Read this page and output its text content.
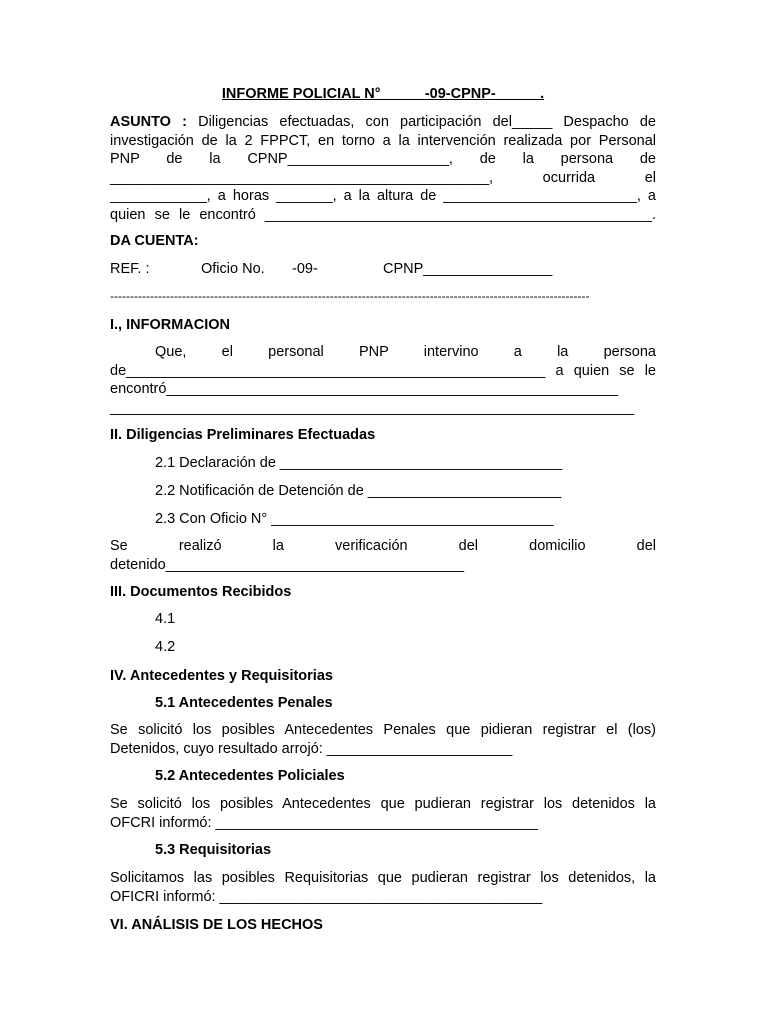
INFORME POLICIAL N°	-09-CPNP-	.

ASUNTO : Diligencias efectuadas, con participación del_____ Despacho de

investigación de la 2 FPPCT, en torno a la intervención realizada por Personal

PNP de la CPNP____________________, de la persona de

_______________________________________________, ocurrida el

____________, a horas _______, a la altura de ________________________, a

quien se le encontró ________________________________________________.

DA CUENTA:
REF. :	Oficio No. -09-	CPNP________________
------------------------------------------------------------------------------------------------------------------------
I., INFORMACION

Que, el personal PNP intervino a la persona

de____________________________________________________ a quien se le

encontró________________________________________________________

_________________________________________________________________

II. Diligencias Preliminares Efectuadas
2.1 Declaración de ___________________________________
2.2 Notificación de Detención de ________________________
2.3 Con Oficio N° ___________________________________

Se realizó la verificación del domicilio del

detenido_____________________________________

III. Documentos Recibidos
4.1
4.2
IV. Antecedentes y Requisitorias
5.1 Antecedentes Penales

Se solicitó los posibles Antecedentes Penales que pidieran registrar el (los)

Detenidos, cuyo resultado arrojó: _______________________

5.2 Antecedentes Policiales

Se solicitó los posibles Antecedentes que pudieran registrar los detenidos la

OFCRI informó: ________________________________________

5.3 Requisitorias

Solicitamos las posibles Requisitorias que pudieran registrar los detenidos, la

OFICRI informó: ________________________________________

VI. ANÁLISIS DE LOS HECHOS
